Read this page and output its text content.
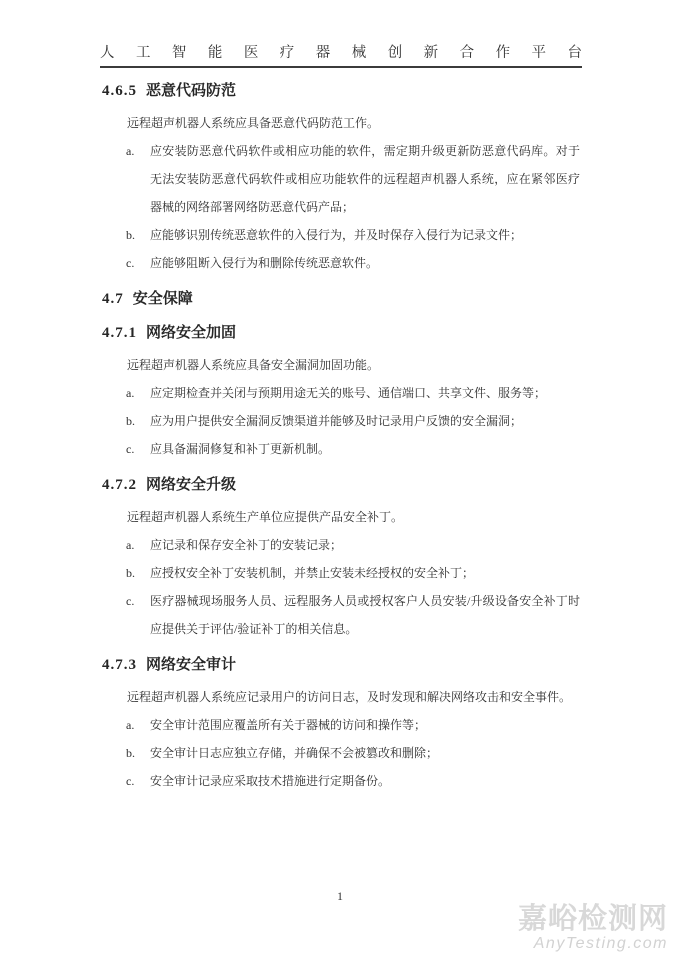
人工智能医疗器械创新合作平台
4.6.5 恶意代码防范

远程超声机器人系统应具备恶意代码防范工作。

a.	应安装防恶意代码软件或相应功能的软件，需定期升级更新防恶意代码库。对于无法安装防恶意代码软件或相应功能软件的远程超声机器人系统，应在紧邻医疗器械的网络部署网络防恶意代码产品；
b.	应能够识别传统恶意软件的入侵行为，并及时保存入侵行为记录文件；
c.	应能够阻断入侵行为和删除传统恶意软件。
4.7 安全保障
4.7.1 网络安全加固

远程超声机器人系统应具备安全漏洞加固功能。

a.	应定期检查并关闭与预期用途无关的账号、通信端口、共享文件、服务等；
b.	应为用户提供安全漏洞反馈渠道并能够及时记录用户反馈的安全漏洞；
c.	应具备漏洞修复和补丁更新机制。
4.7.2 网络安全升级

远程超声机器人系统生产单位应提供产品安全补丁。

a.	应记录和保存安全补丁的安装记录；
b.	应授权安全补丁安装机制，并禁止安装未经授权的安全补丁；
c.	医疗器械现场服务人员、远程服务人员或授权客户人员安装/升级设备安全补丁时应提供关于评估/验证补丁的相关信息。
4.7.3 网络安全审计

远程超声机器人系统应记录用户的访问日志，及时发现和解决网络攻击和安全事件。

a.	安全审计范围应覆盖所有关于器械的访问和操作等；
b.	安全审计日志应独立存储，并确保不会被篡改和删除；
c.	安全审计记录应采取技术措施进行定期备份。
1
嘉峪检测网
AnyTesting.com
